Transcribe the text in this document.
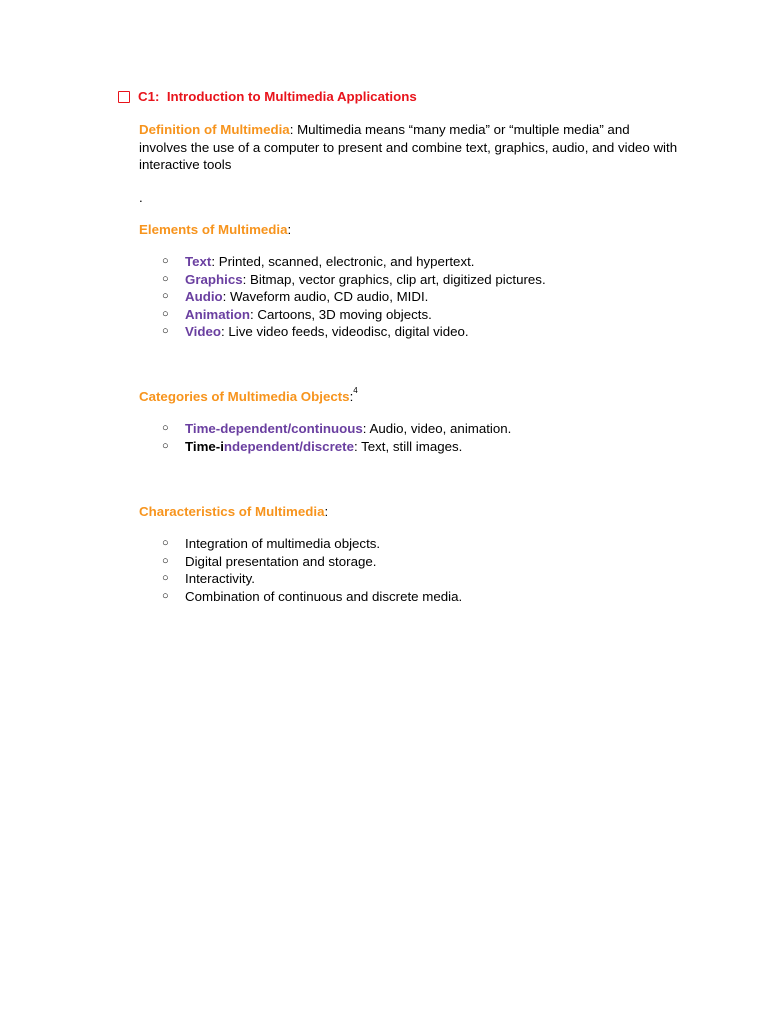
C1:  Introduction to Multimedia Applications
Definition of Multimedia: Multimedia means “many media” or “multiple media” and involves the use of a computer to present and combine text, graphics, audio, and video with interactive tools
.
Elements of Multimedia:
○ Text: Printed, scanned, electronic, and hypertext.
○ Graphics: Bitmap, vector graphics, clip art, digitized pictures.
○ Audio: Waveform audio, CD audio, MIDI.
○ Animation: Cartoons, 3D moving objects.
○ Video: Live video feeds, videodisc, digital video.
Categories of Multimedia Objects:$^4$
○ Time-dependent/continuous: Audio, video, animation.
○ Time-independent/discrete: Text, still images.
Characteristics of Multimedia:
○ Integration of multimedia objects.
○ Digital presentation and storage.
○ Interactivity.
○ Combination of continuous and discrete media.
